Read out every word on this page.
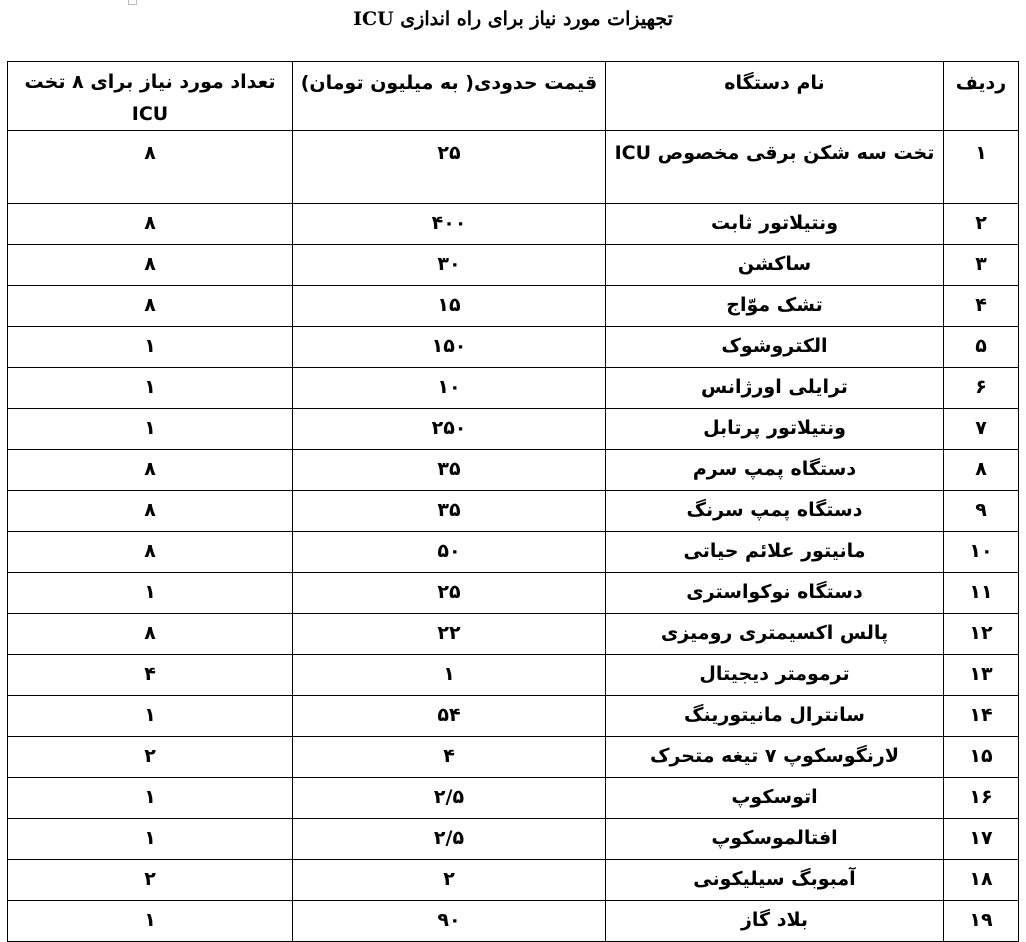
تجهیزات مورد نیاز برای راه اندازی ICU
ردیف	نام دستگاه	قیمت حدودی( به میلیون تومان)	تعداد مورد نیاز برای ۸ تخت ICU
۱	تخت سه شکن برقی مخصوص ICU	۲۵	۸
۲	ونتیلاتور ثابت	۴۰۰	۸
۳	ساکشن	۳۰	۸
۴	تشک موّاج	۱۵	۸
۵	الکتروشوک	۱۵۰	۱
۶	ترایلی اورژانس	۱۰	۱
۷	ونتیلاتور پرتابل	۲۵۰	۱
۸	دستگاه پمپ سرم	۳۵	۸
۹	دستگاه پمپ سرنگ	۳۵	۸
۱۰	مانیتور علائم حیاتی	۵۰	۸
۱۱	دستگاه نوکواستری	۲۵	۱
۱۲	پالس اکسیمتری رومیزی	۲۲	۸
۱۳	ترمومتر دیجیتال	۱	۴
۱۴	سانترال مانیتورینگ	۵۴	۱
۱۵	لارنگوسکوپ ۷ تیغه متحرک	۴	۲
۱۶	اتوسکوپ	۲/۵	۱
۱۷	افتالموسکوپ	۲/۵	۱
۱۸	آمبوبگ سیلیکونی	۲	۲
۱۹	بلاد گاز	۹۰	۱
